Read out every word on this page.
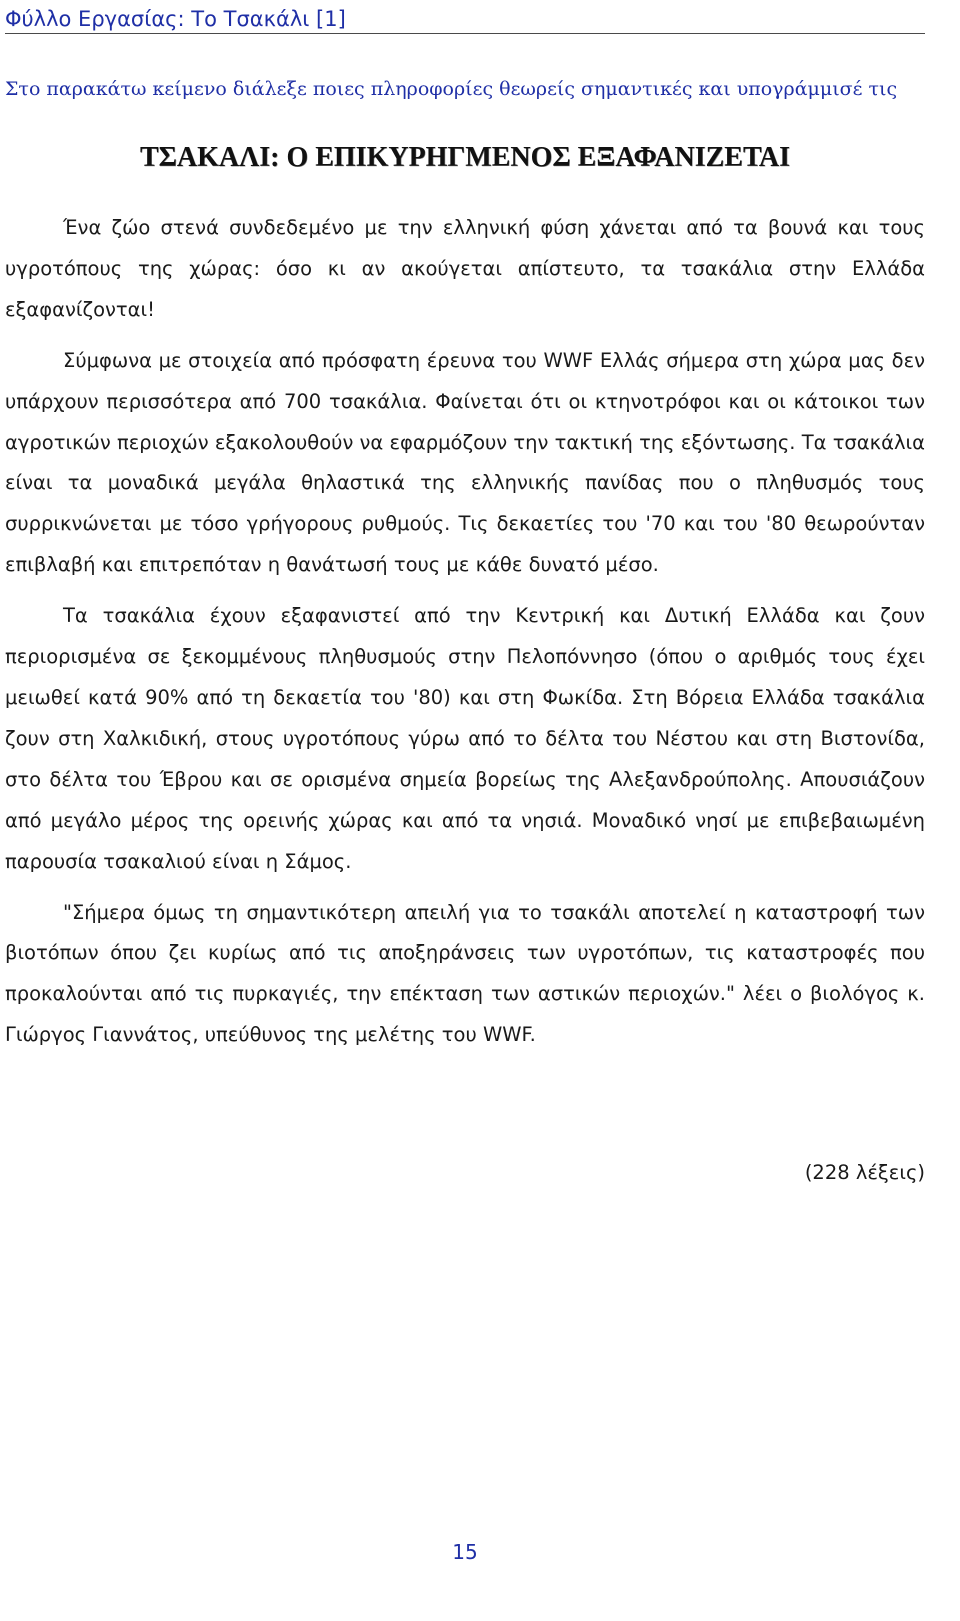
Φύλλο Εργασίας: Το Τσακάλι [1]
Στο παρακάτω κείμενο διάλεξε ποιες πληροφορίες θεωρείς σημαντικές και υπογράμμισέ τις
ΤΣΑΚΑΛΙ: Ο ΕΠΙΚΥΡΗΓΜΕΝΟΣ ΕΞΑΦΑΝΙΖΕΤΑΙ

Ένα ζώο στενά συνδεδεμένο με την ελληνική φύση χάνεται από τα βουνά και τους υγροτόπους της χώρας: όσο κι αν ακούγεται απίστευτο, τα τσακάλια στην Ελλάδα εξαφανίζονται!

Σύμφωνα με στοιχεία από πρόσφατη έρευνα του WWF Ελλάς σήμερα στη χώρα μας δεν υπάρχουν περισσότερα από 700 τσακάλια. Φαίνεται ότι οι κτηνοτρόφοι και οι κάτοικοι των αγροτικών περιοχών εξακολουθούν να εφαρμόζουν την τακτική της εξόντωσης. Τα τσακάλια είναι τα μοναδικά μεγάλα θηλαστικά της ελληνικής πανίδας που ο πληθυσμός τους συρρικνώνεται με τόσο γρήγορους ρυθμούς. Τις δεκαετίες του '70 και του '80 θεωρούνταν επιβλαβή και επιτρεπόταν η θανάτωσή τους με κάθε δυνατό μέσο.

Τα τσακάλια έχουν εξαφανιστεί από την Κεντρική και Δυτική Ελλάδα και ζουν περιορισμένα σε ξεκομμένους πληθυσμούς στην Πελοπόννησο (όπου ο αριθμός τους έχει μειωθεί κατά 90% από τη δεκαετία του '80) και στη Φωκίδα. Στη Βόρεια Ελλάδα τσακάλια ζουν στη Χαλκιδική, στους υγροτόπους γύρω από το δέλτα του Νέστου και στη Βιστονίδα, στο δέλτα του Έβρου και σε ορισμένα σημεία βορείως της Αλεξανδρούπολης. Απουσιάζουν από μεγάλο μέρος της ορεινής χώρας και από τα νησιά. Μοναδικό νησί με επιβεβαιωμένη παρουσία τσακαλιού είναι η Σάμος.

"Σήμερα όμως τη σημαντικότερη απειλή για το τσακάλι αποτελεί η καταστροφή των βιοτόπων όπου ζει κυρίως από τις αποξηράνσεις των υγροτόπων, τις καταστροφές που προκαλούνται από τις πυρκαγιές, την επέκταση των αστικών περιοχών." λέει ο βιολόγος κ. Γιώργος Γιαννάτος, υπεύθυνος της μελέτης του WWF.

(228 λέξεις)
15
